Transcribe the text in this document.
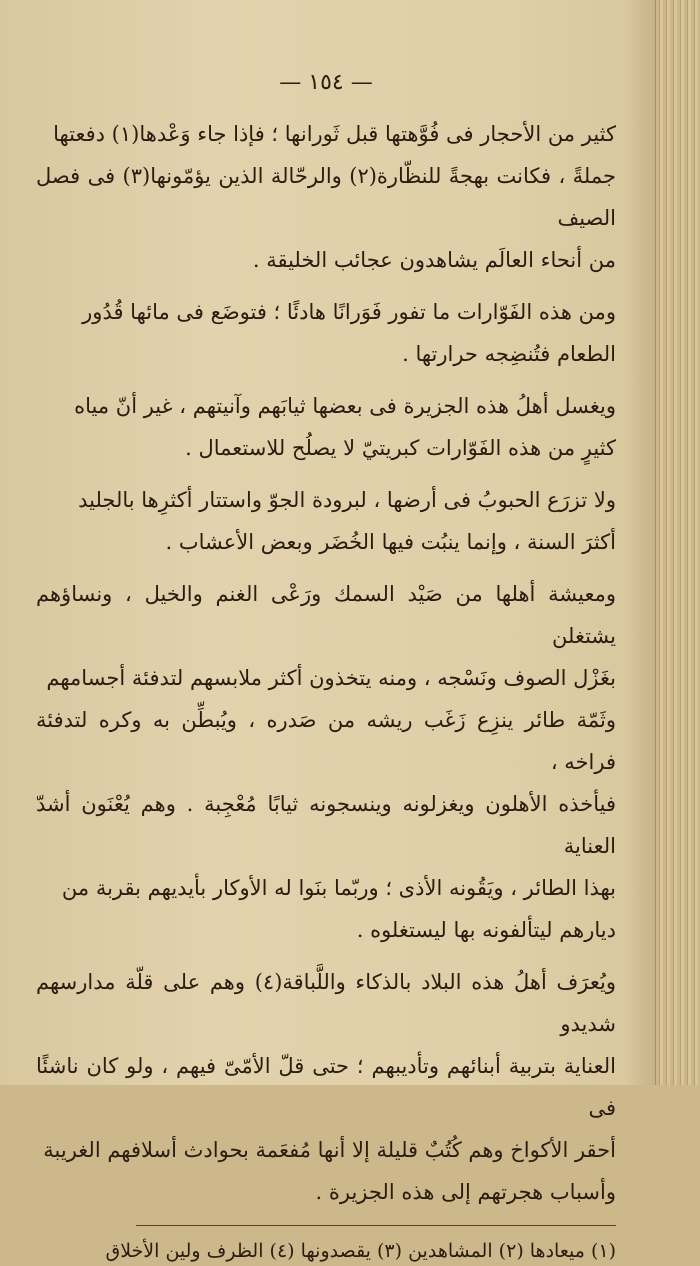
— ١٥٤ —

كثير من الأحجار فى فُوَّهتها قبل ثَورانها ؛ فإذا جاء وَعْدها(١) دفعتها

جملةً ، فكانت بهجةً للنظّارة(٢) والرحّالة الذين يؤمّونها(٣) فى فصل الصيف

من أنحاء العالَم يشاهدون عجائب الخليقة .

ومن هذه الفَوّارات ما تفور فَوَرانًا هادئًا ؛ فتوضَع فى مائها قُدُور

الطعام فتُنضِجه حرارتها .

ويغسل أهلُ هذه الجزيرة فى بعضها ثيابَهم وآنيتهم ، غير أنّ مياه

كثيرٍ من هذه الفَوّارات كبريتيّ لا يصلُح للاستعمال .

ولا تزرَع الحبوبُ فى أرضها ، لبرودة الجوّ واستتار أكثرِها بالجليد

أكثرَ السنة ، وإنما ينبُت فيها الخُضَر وبعض الأعشاب .

ومعيشة أهلها من صَيْد السمك ورَعْى الغنم والخيل ، ونساؤهم يشتغلن

بغَزْل الصوف ونَسْجه ، ومنه يتخذون أكثر ملابسهم لتدفئة أجسامهم

وثَمّة طائر ينزِع زَغَب ريشه من صَدره ، ويُبطِّن به وكره لتدفئة فراخه ،

فيأخذه الأهلون ويغزلونه وينسجونه ثيابًا مُعْجِبة . وهم يُعْنَون أشدّ العناية

بهذا الطائر ، ويَقُونه الأذى ؛ وربّما بنَوا له الأوكار بأيديهم بقربة من

ديارهم ليتألفونه بها ليستغلوه .

ويُعرَف أهلُ هذه البلاد بالذكاء واللَّباقة(٤) وهم على قلّة مدارسهم شديدو

العناية بتربية أبنائهم وتأديبهم ؛ حتى قلّ الأمّىّ فيهم ، ولو كان ناشئًا فى

أحقر الأكواخ وهم كُتُبٌ قليلة إلا أنها مُفعَمة بحوادث أسلافهم الغريبة

وأسباب هجرتهم إلى هذه الجزيرة .

(١) ميعادها (٢) المشاهدين (٣) يقصدونها (٤) الظرف ولين الأخلاق
